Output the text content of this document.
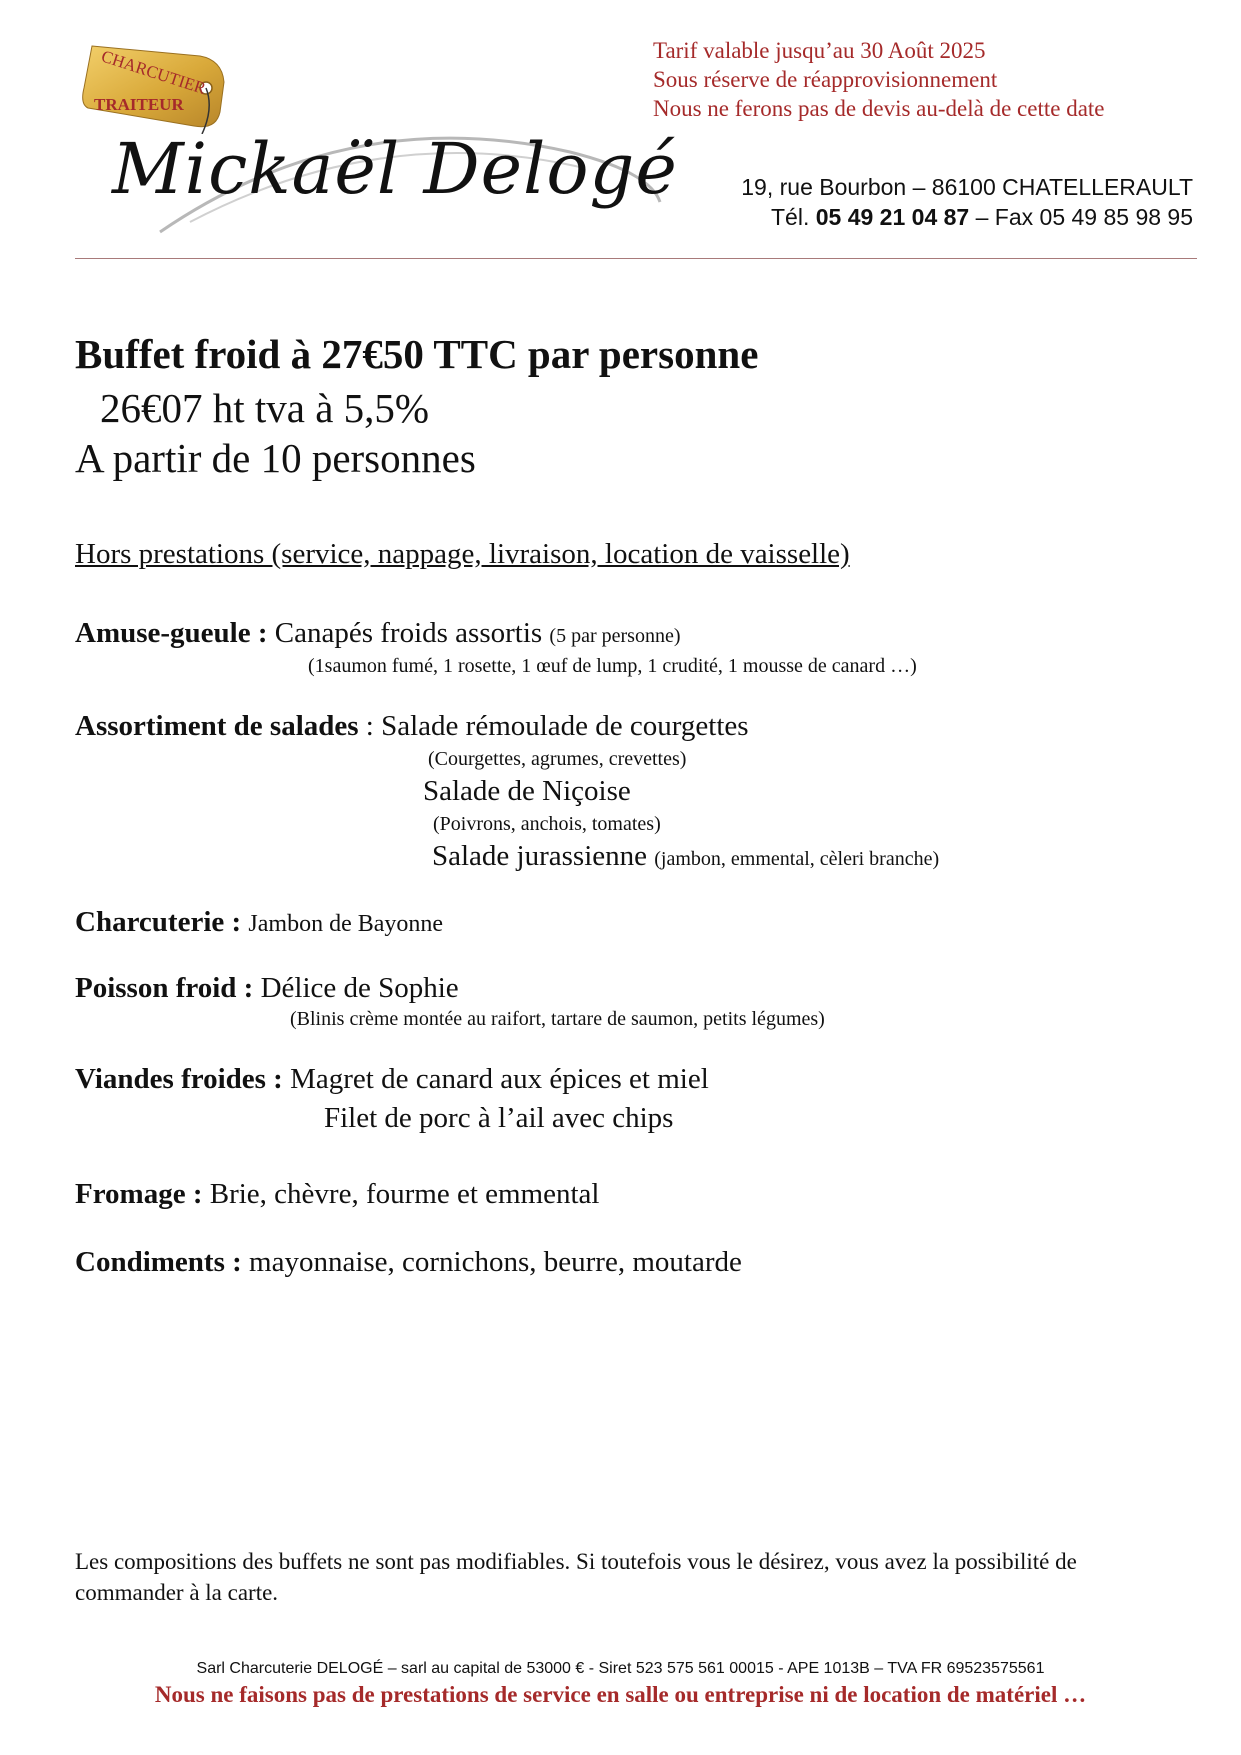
CHARCUTIER
TRAITEUR
Mickaël Delogé
Tarif valable jusqu’au 30 Août 2025
Sous réserve de réapprovisionnement
Nous ne ferons pas de devis au-delà de cette date
19, rue Bourbon – 86100 CHATELLERAULT
Tél. 05 49 21 04 87 – Fax 05 49 85 98 95
Buffet froid à 27€50 TTC par personne
26€07 ht tva à 5,5%
A partir de 10 personnes
Hors prestations (service, nappage, livraison, location de vaisselle)
Amuse-gueule : Canapés froids assortis (5 par personne)
(1saumon fumé, 1 rosette, 1 œuf de lump, 1 crudité, 1 mousse de canard …)
Assortiment de salades : Salade rémoulade de courgettes
(Courgettes, agrumes, crevettes)
Salade de Niçoise
(Poivrons, anchois, tomates)
Salade jurassienne (jambon, emmental, cèleri branche)
Charcuterie : Jambon de Bayonne
Poisson froid : Délice de Sophie
(Blinis crème montée au raifort, tartare de saumon, petits légumes)
Viandes froides : Magret de canard aux épices et miel
Filet de porc à l’ail avec chips
Fromage : Brie, chèvre, fourme et emmental
Condiments : mayonnaise, cornichons, beurre, moutarde
Les compositions des buffets ne sont pas modifiables. Si toutefois vous le désirez, vous avez la possibilité de commander à la carte.
Sarl Charcuterie DELOGÉ – sarl au capital de 53000 € - Siret 523 575 561 00015 - APE 1013B – TVA FR 69523575561
Nous ne faisons pas de prestations de service en salle ou entreprise ni de location de matériel …
